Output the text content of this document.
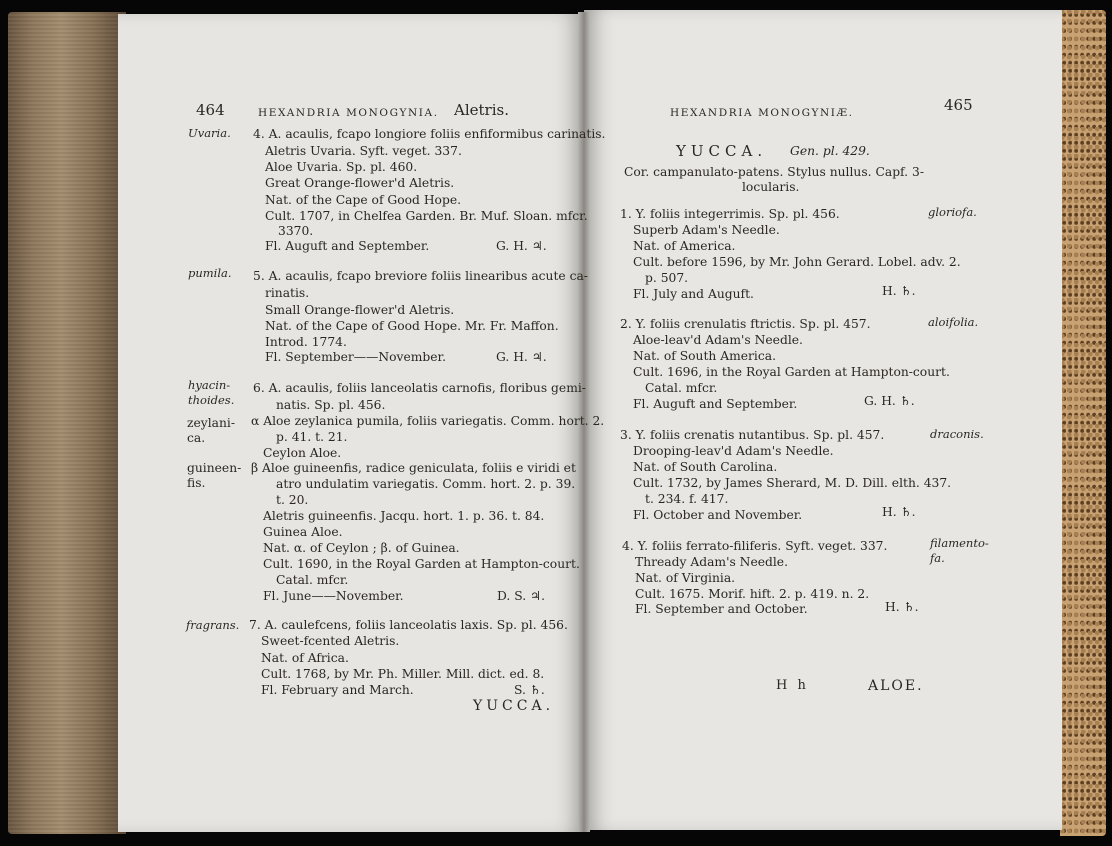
464	HEXANDRIA MONOGYNIA. Aletris.
Uvaria. 4. A. acaulis, fcapo longiore foliis enfiformibus carinatis.
Aletris Uvaria. Syft. veget. 337.
Aloe Uvaria. Sp. pl. 460.
Great Orange-flower'd Aletris.
Nat. of the Cape of Good Hope.
Cult. 1707, in Chelfea Garden. Br. Muf. Sloan. mfcr.
3370.
Fl. Auguft and September.	G. H. ♃.
pumila. 5. A. acaulis, fcapo breviore foliis linearibus acute ca-
rinatis.
Small Orange-flower'd Aletris.
Nat. of the Cape of Good Hope. Mr. Fr. Maffon.
Introd. 1774.
Fl. September——November.	G. H. ♃.
hyacin-
thoides.
6. A. acaulis, foliis lanceolatis carnofis, floribus gemi-
natis. Sp. pl. 456.
zeylani-
ca.
α Aloe zeylanica pumila, foliis variegatis. Comm. hort. 2.
p. 41. t. 21.
Ceylon Aloe.
guineen-
fis.
β Aloe guineenfis, radice geniculata, foliis e viridi et
atro undulatim variegatis. Comm. hort. 2. p. 39.
t. 20.
Aletris guineenfis. Jacqu. hort. 1. p. 36. t. 84.
Guinea Aloe.
Nat. α. of Ceylon ; β. of Guinea.
Cult. 1690, in the Royal Garden at Hampton-court.
Catal. mfcr.
Fl. June——November.	D. S. ♃.
fragrans. 7. A. caulefcens, foliis lanceolatis laxis. Sp. pl. 456.
Sweet-fcented Aletris.
Nat. of Africa.
Cult. 1768, by Mr. Ph. Miller. Mill. dict. ed. 8.
Fl. February and March.	S. ♄.
YUCCA.
HEXANDRIA MONOGYNIÆ.	465
YUCCA. Gen. pl. 429.
Cor. campanulato-patens. Stylus nullus. Capf. 3-
locularis.
gloriofa.
1. Y. foliis integerrimis. Sp. pl. 456.
Superb Adam's Needle.
Nat. of America.
Cult. before 1596, by Mr. John Gerard. Lobel. adv. 2.
p. 507.
Fl. July and Auguft.	H. ♄.
aloifolia.
2. Y. foliis crenulatis ftrictis. Sp. pl. 457.
Aloe-leav'd Adam's Needle.
Nat. of South America.
Cult. 1696, in the Royal Garden at Hampton-court.
Catal. mfcr.
Fl. Auguft and September.	G. H. ♄.
draconis.
3. Y. foliis crenatis nutantibus. Sp. pl. 457.
Drooping-leav'd Adam's Needle.
Nat. of South Carolina.
Cult. 1732, by James Sherard, M. D. Dill. elth. 437.
t. 234. f. 417.
Fl. October and November.	H. ♄.
filamento-
fa.
4. Y. foliis ferrato-filiferis. Syft. veget. 337.
Thready Adam's Needle.
Nat. of Virginia.
Cult. 1675. Morif. hift. 2. p. 419. n. 2.
Fl. September and October.	H. ♄.
H h	ALOE.
